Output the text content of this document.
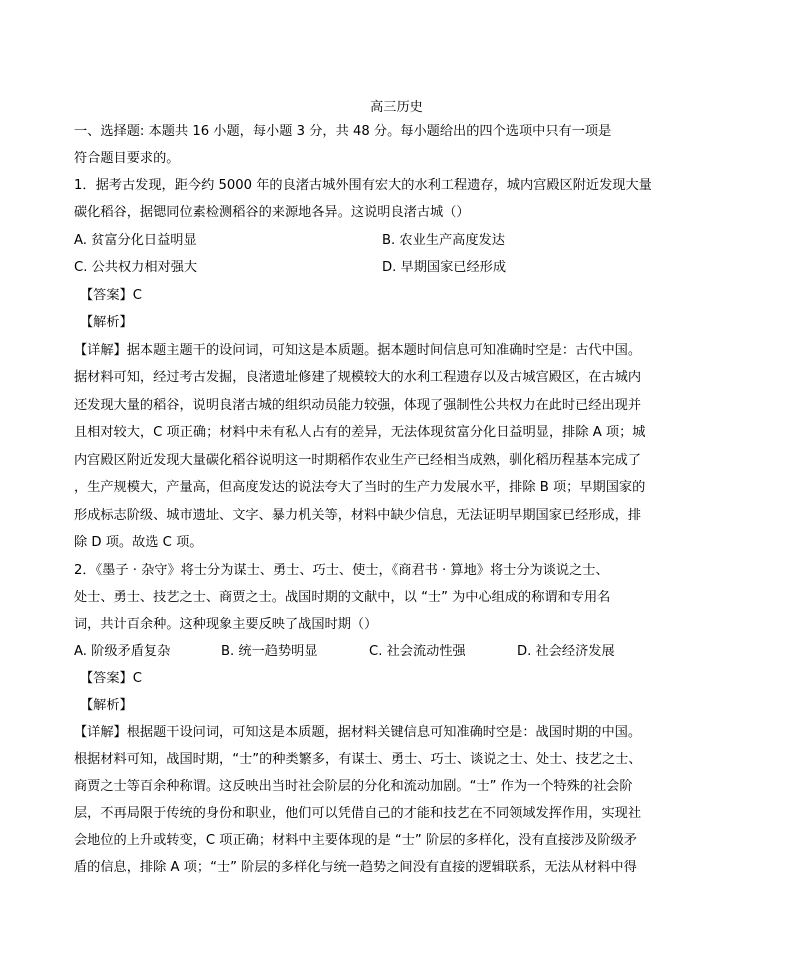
高三历史
一、选择题: 本题共 16 小题，每小题 3 分，共 48 分。每小题给出的四个选项中只有一项是
符合题目要求的。
1．据考古发现，距今约 5000 年的良渚古城外围有宏大的水利工程遗存，城内宫殿区附近发现大量
碳化稻谷，据锶同位素检测稻谷的来源地各异。这说明良渚古城（）
A. 贫富分化日益明显	B. 农业生产高度发达
C. 公共权力相对强大	D. 早期国家已经形成
【答案】C
【解析】
【详解】据本题主题干的设问词，可知这是本质题。据本题时间信息可知准确时空是：古代中国。
据材料可知，经过考古发掘，良渚遗址修建了规模较大的水利工程遗存以及古城宫殿区，在古城内
还发现大量的稻谷，说明良渚古城的组织动员能力较强，体现了强制性公共权力在此时已经出现并
且相对较大，C 项正确；材料中未有私人占有的差异，无法体现贫富分化日益明显，排除 A 项；城
内宫殿区附近发现大量碳化稻谷说明这一时期稻作农业生产已经相当成熟，驯化稻历程基本完成了
，生产规模大，产量高，但高度发达的说法夸大了当时的生产力发展水平，排除 B 项；早期国家的
形成标志阶级、城市遗址、文字、暴力机关等，材料中缺少信息，无法证明早期国家已经形成，排
除 D 项。故选 C 项。
2．《墨子 · 杂守》将士分为谋士、勇士、巧士、使士，《商君书 · 算地》将士分为谈说之士、
处士、勇士、技艺之士、商贾之士。战国时期的文献中，以 “士” 为中心组成的称谓和专用名
词，共计百余种。这种现象主要反映了战国时期（）
A. 阶级矛盾复杂	B. 统一趋势明显	C. 社会流动性强	D. 社会经济发展
【答案】C
【解析】
【详解】根据题干设问词，可知这是本质题，据材料关键信息可知准确时空是：战国时期的中国。
根据材料可知，战国时期，“士”的种类繁多，有谋士、勇士、巧士、谈说之士、处士、技艺之士、
商贾之士等百余种称谓。这反映出当时社会阶层的分化和流动加剧。“士” 作为一个特殊的社会阶
层，不再局限于传统的身份和职业，他们可以凭借自己的才能和技艺在不同领域发挥作用，实现社
会地位的上升或转变，C 项正确；材料中主要体现的是 “士” 阶层的多样化，没有直接涉及阶级矛
盾的信息，排除 A 项；“士” 阶层的多样化与统一趋势之间没有直接的逻辑联系，无法从材料中得
